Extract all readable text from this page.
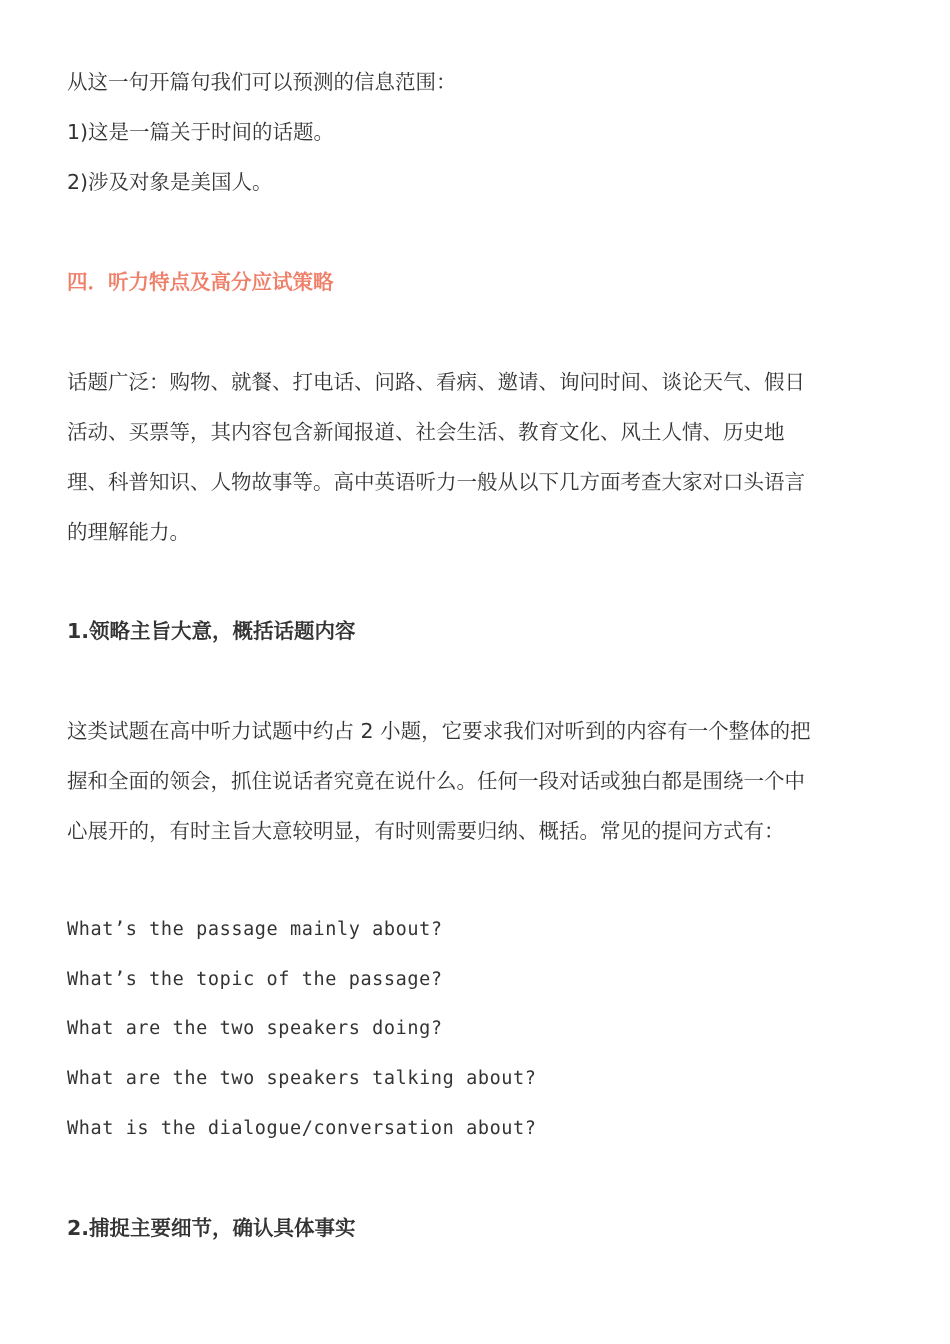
从这一句开篇句我们可以预测的信息范围：
1)这是一篇关于时间的话题。
2)涉及对象是美国人。
四．听力特点及高分应试策略
话题广泛：购物、就餐、打电话、问路、看病、邀请、询问时间、谈论天气、假日
活动、买票等，其内容包含新闻报道、社会生活、教育文化、风土人情、历史地
理、科普知识、人物故事等。高中英语听力一般从以下几方面考查大家对口头语言
的理解能力。
1.领略主旨大意，概括话题内容
这类试题在高中听力试题中约占 2 小题，它要求我们对听到的内容有一个整体的把
握和全面的领会，抓住说话者究竟在说什么。任何一段对话或独白都是围绕一个中
心展开的，有时主旨大意较明显，有时则需要归纳、概括。常见的提问方式有：
What’s the passage mainly about?
What’s the topic of the passage?
What are the two speakers doing?
What are the two speakers talking about?
What is the dialogue/conversation about?
2.捕捉主要细节，确认具体事实
